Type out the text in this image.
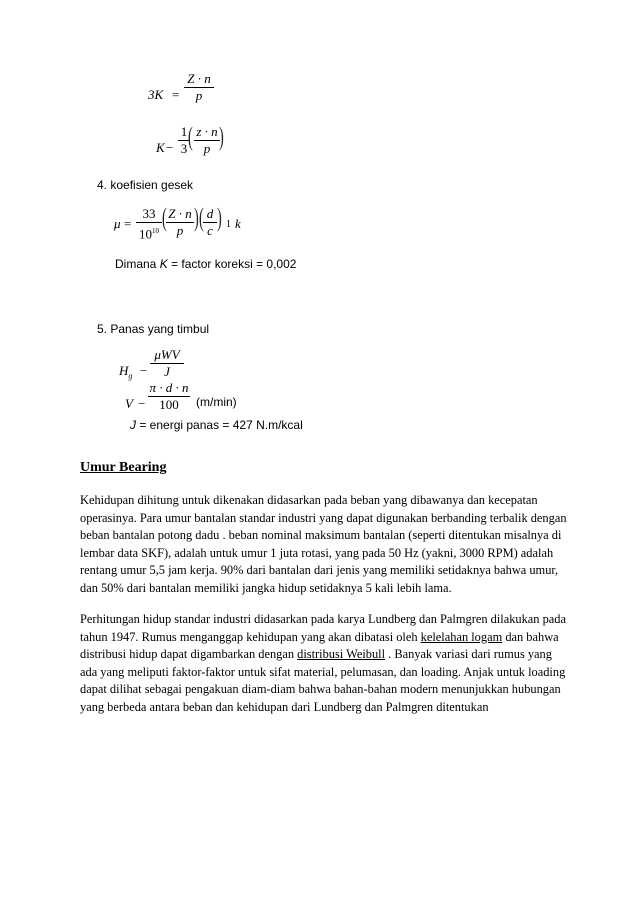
3K =
Z · n
p
K −
1
3 ( z · n
p )
4. koefisien gesek
μ =
33
$10^{10}$ ( Z · n
p ) ( d
c ) 1 k
Dimana K = factor koreksi = 0,002
5. Panas yang timbul
$H_g$ −
μWV
J
V −
π · d · n
100	(m/min)
J = energi panas = 427 N.m/kcal
Umur Bearing

Kehidupan dihitung untuk dikenakan didasarkan pada beban yang dibawanya dan kecepatan operasinya. Para umur bantalan standar industri yang dapat digunakan berbanding terbalik dengan beban bantalan potong dadu . beban nominal maksimum bantalan (seperti ditentukan misalnya di lembar data SKF), adalah untuk umur 1 juta rotasi, yang pada 50 Hz (yakni, 3000 RPM) adalah rentang umur 5,5 jam kerja. 90% dari bantalan dari jenis yang memiliki setidaknya bahwa umur, dan 50% dari bantalan memiliki jangka hidup setidaknya 5 kali lebih lama.

Perhitungan hidup standar industri didasarkan pada karya Lundberg dan Palmgren dilakukan pada tahun 1947. Rumus menganggap kehidupan yang akan dibatasi oleh kelelahan logam dan bahwa distribusi hidup dapat digambarkan dengan distribusi Weibull . Banyak variasi dari rumus yang ada yang meliputi faktor-faktor untuk sifat material, pelumasan, dan loading. Anjak untuk loading dapat dilihat sebagai pengakuan diam-diam bahwa bahan-bahan modern menunjukkan hubungan yang berbeda antara beban dan kehidupan dari Lundberg dan Palmgren ditentukan
